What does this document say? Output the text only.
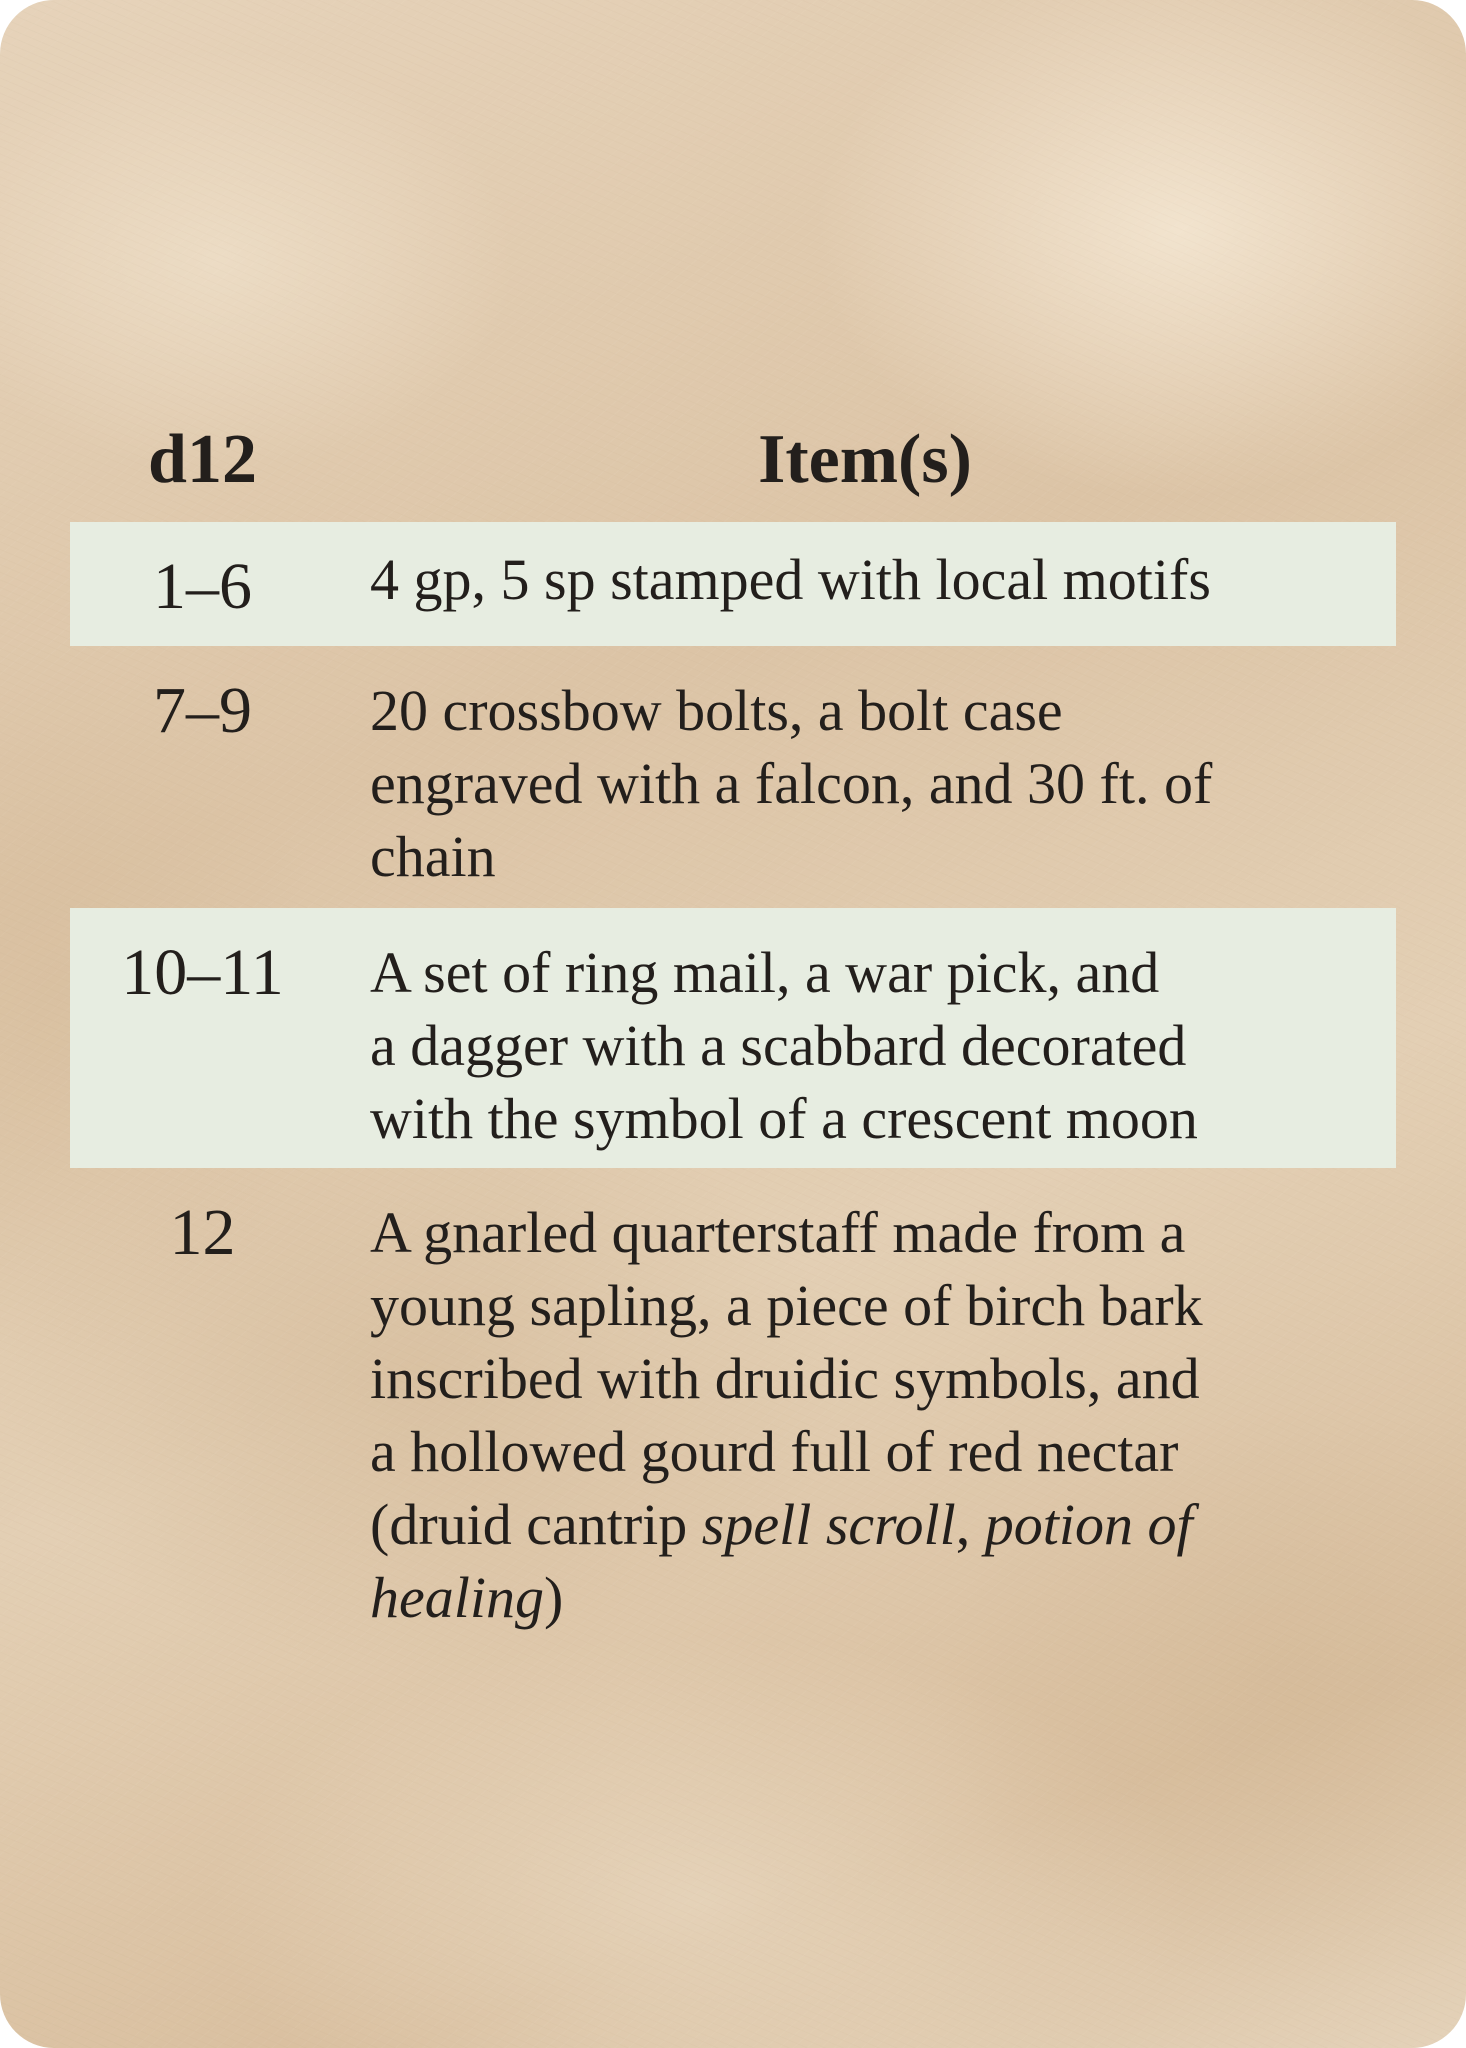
d12	Item(s)
1–6	4 gp, 5 sp stamped with local motifs
7–9	20 crossbow bolts, a bolt case
engraved with a falcon, and 30 ft. of
chain
10–11	A set of ring mail, a war pick, and
a dagger with a scabbard decorated
with the symbol of a crescent moon
12	A gnarled quarterstaff made from a
young sapling, a piece of birch bark
inscribed with druidic symbols, and
a hollowed gourd full of red nectar
(druid cantrip spell scroll, potion of
healing)
